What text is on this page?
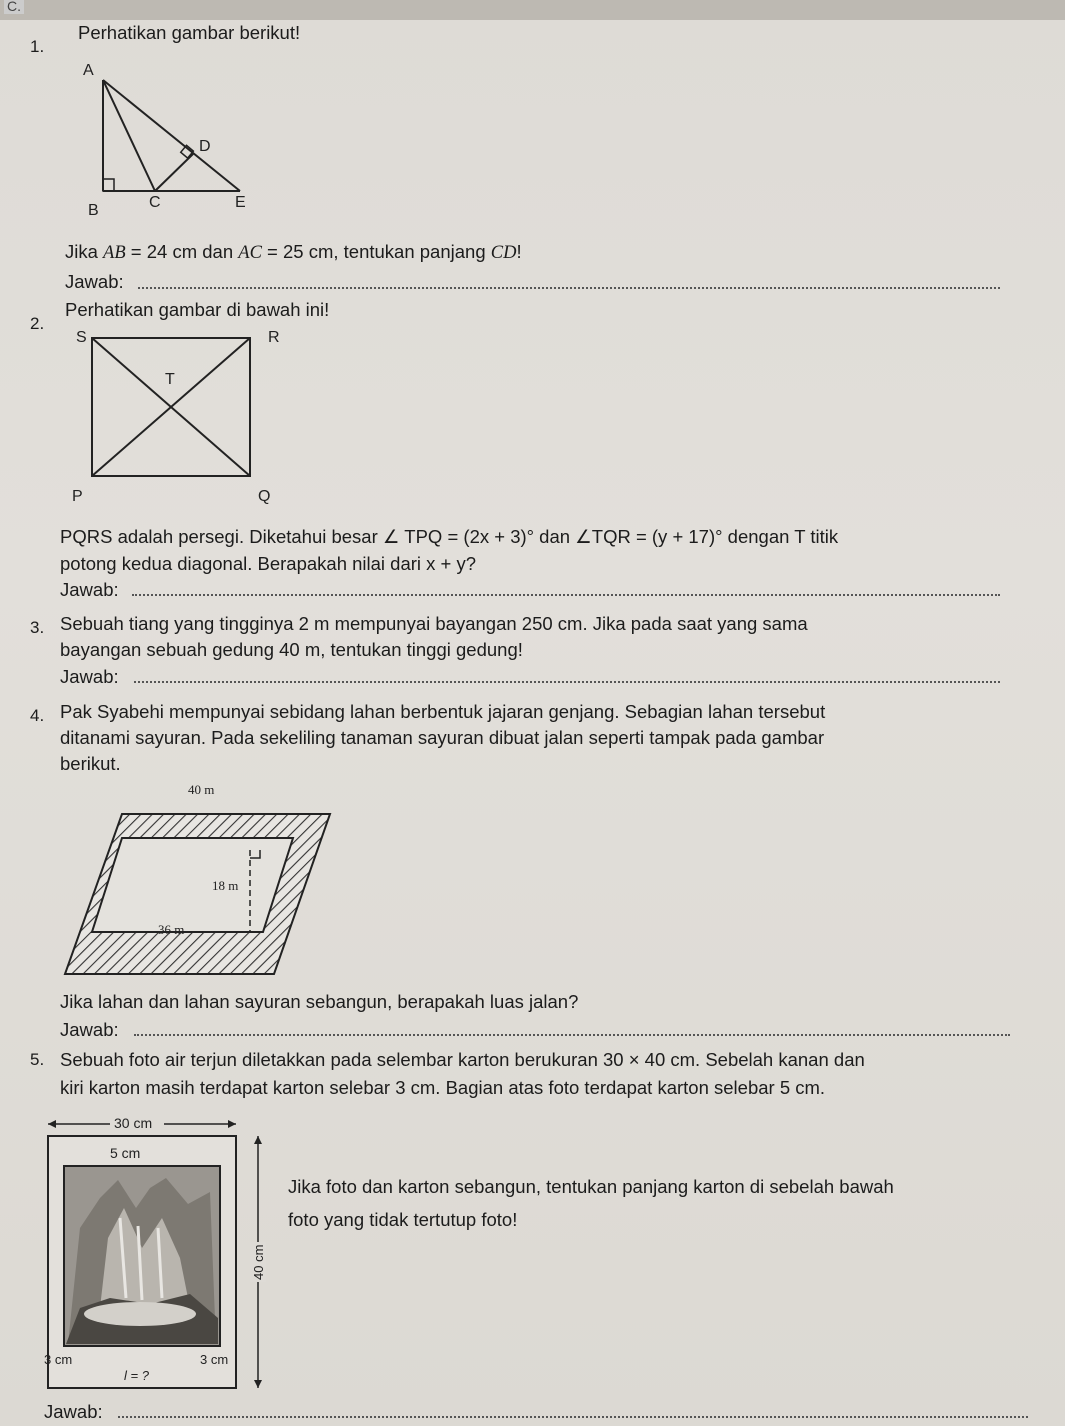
C.
1.
Perhatikan gambar berikut!
A
B	C
D
E
Jika AB = 24 cm dan AC = 25 cm, tentukan panjang CD!
Jawab:
2.
Perhatikan gambar di bawah ini!
S	R
T
P	Q
PQRS adalah persegi. Diketahui besar ∠ TPQ = (2x + 3)° dan ∠TQR = (y + 17)° dengan T titik
potong kedua diagonal. Berapakah nilai dari x + y?
Jawab:
3. Sebuah tiang yang tingginya 2 m mempunyai bayangan 250 cm. Jika pada saat yang sama
bayangan sebuah gedung 40 m, tentukan tinggi gedung!
Jawab:
4. Pak Syabehi mempunyai sebidang lahan berbentuk jajaran genjang. Sebagian lahan tersebut
ditanami sayuran. Pada sekeliling tanaman sayuran dibuat jalan seperti tampak pada gambar
berikut.
40 m
18 m
36 m
Jika lahan dan lahan sayuran sebangun, berapakah luas jalan?
Jawab:
5. Sebuah foto air terjun diletakkan pada selembar karton berukuran 30 × 40 cm. Sebelah kanan dan
kiri karton masih terdapat karton selebar 3 cm. Bagian atas foto terdapat karton selebar 5 cm.
30 cm
5 cm
3 cm	3 cm
l = ?
40 cm
Jika foto dan karton sebangun, tentukan panjang karton di sebelah bawah
foto yang tidak tertutup foto!
Jawab:
